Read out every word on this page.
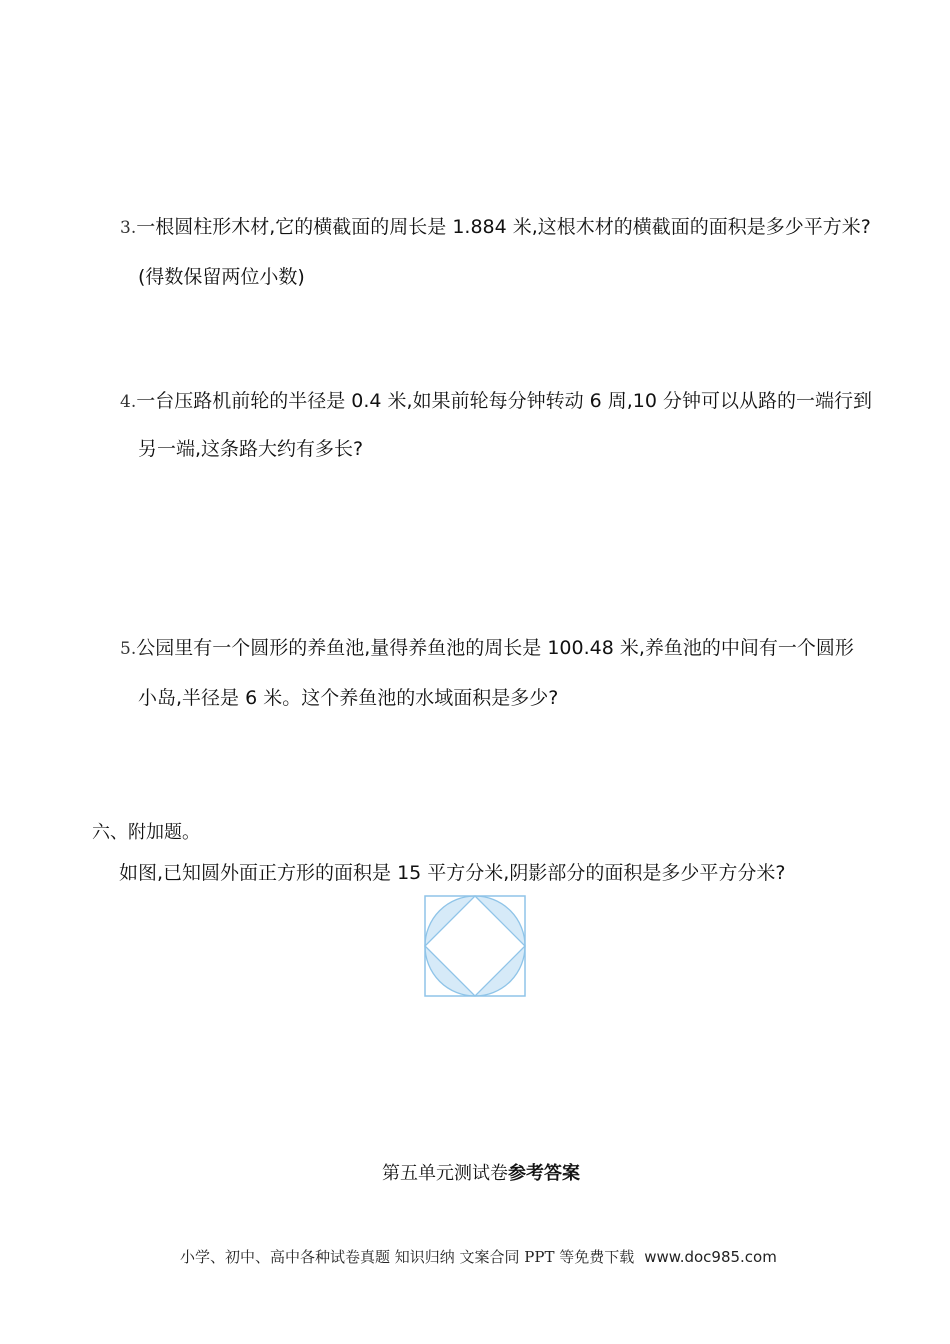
3.一根圆柱形木材,它的横截面的周长是 1.884 米,这根木材的横截面的面积是多少平方米?
(得数保留两位小数)
4.一台压路机前轮的半径是 0.4 米,如果前轮每分钟转动 6 周,10 分钟可以从路的一端行到
另一端,这条路大约有多长?
5.公园里有一个圆形的养鱼池,量得养鱼池的周长是 100.48 米,养鱼池的中间有一个圆形
小岛,半径是 6 米。这个养鱼池的水域面积是多少?
六、附加题。
如图,已知圆外面正方形的面积是 15 平方分米,阴影部分的面积是多少平方分米?
第五单元测试卷参考答案
小学、初中、高中各种试卷真题 知识归纳 文案合同 PPT 等免费下载 www.doc985.com
